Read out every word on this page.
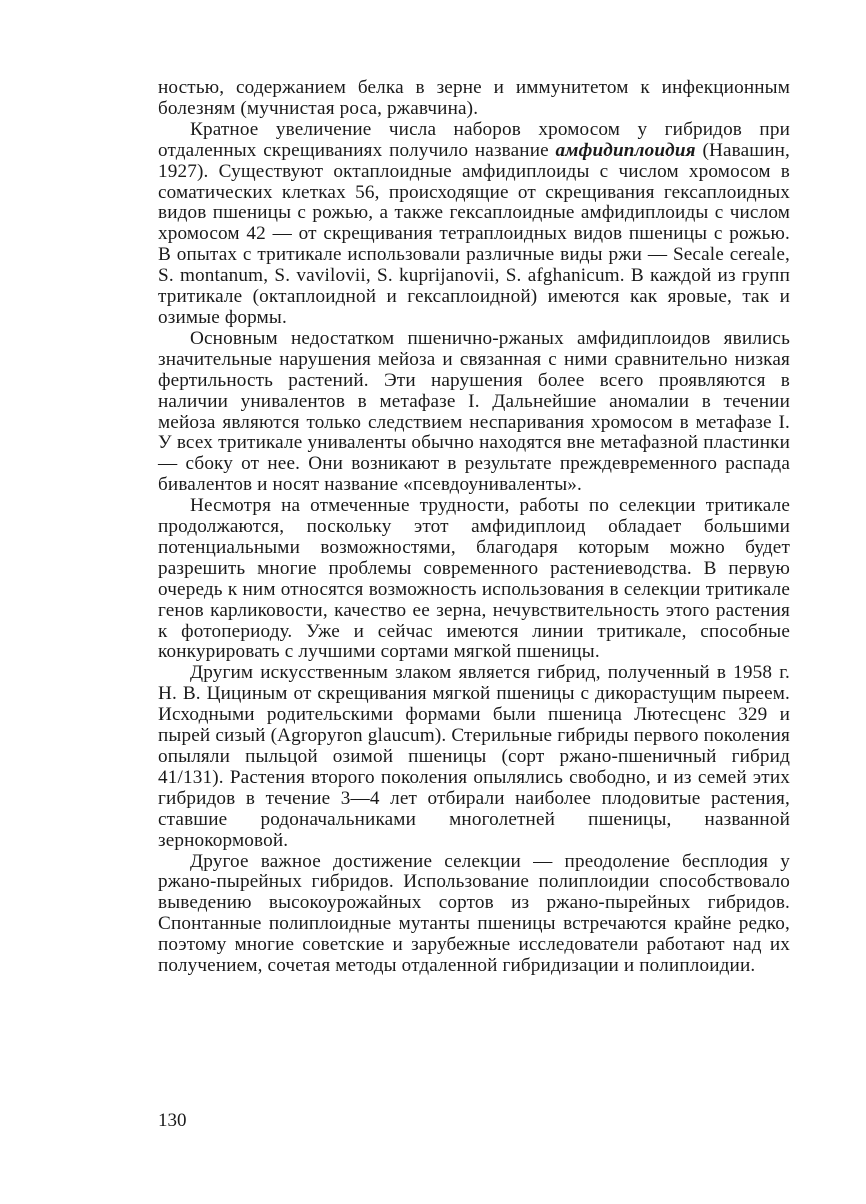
ностью, содержанием белка в зерне и иммунитетом к инфекционным болезням (мучнистая роса, ржавчина).

Кратное увеличение числа наборов хромосом у гибридов при отдаленных скрещиваниях получило название амфидиплоидия (Навашин, 1927). Существуют октаплоидные амфидиплоиды с числом хромосом в соматических клетках 56, происходящие от скрещивания гексаплоидных видов пшеницы с рожью, а также гексаплоидные амфидиплоиды с числом хромосом 42 — от скрещивания тетраплоидных видов пшеницы с рожью. В опытах с тритикале использовали различные виды ржи — Secale cereale, S. montanum, S. vavilovii, S. kuprijanovii, S. afghanicum. В каждой из групп тритикале (октаплоидной и гексаплоидной) имеются как яровые, так и озимые формы.

Основным недостатком пшенично-ржаных амфидиплоидов явились значительные нарушения мейоза и связанная с ними сравнительно низкая фертильность растений. Эти нарушения более всего проявляются в наличии унивалентов в метафазе I. Дальнейшие аномалии в течении мейоза являются только следствием неспаривания хромосом в метафазе I. У всех тритикале униваленты обычно находятся вне метафазной пластинки — сбоку от нее. Они возникают в результате преждевременного распада бивалентов и носят название «псевдоуниваленты».

Несмотря на отмеченные трудности, работы по селекции тритикале продолжаются, поскольку этот амфидиплоид обладает большими потенциальными возможностями, благодаря которым можно будет разрешить многие проблемы современного растениеводства. В первую очередь к ним относятся возможность использования в селекции тритикале генов карликовости, качество ее зерна, нечувствительность этого растения к фотопериоду. Уже и сейчас имеются линии тритикале, способные конкурировать с лучшими сортами мягкой пшеницы.

Другим искусственным злаком является гибрид, полученный в 1958 г. Н. В. Цициным от скрещивания мягкой пшеницы с дикорастущим пыреем. Исходными родительскими формами были пшеница Лютесценс 329 и пырей сизый (Agropyron glaucum). Стерильные гибриды первого поколения опыляли пыльцой озимой пшеницы (сорт ржано-пшеничный гибрид 41/131). Растения второго поколения опылялись свободно, и из семей этих гибридов в течение 3—4 лет отбирали наиболее плодовитые растения, ставшие родоначальниками многолетней пшеницы, названной зернокормовой.

Другое важное достижение селекции — преодоление бесплодия у ржано-пырейных гибридов. Использование полиплоидии способствовало выведению высокоурожайных сортов из ржано-пырейных гибридов. Спонтанные полиплоидные мутанты пшеницы встречаются крайне редко, поэтому многие советские и зарубежные исследователи работают над их получением, сочетая методы отдаленной гибридизации и полиплоидии.

130
